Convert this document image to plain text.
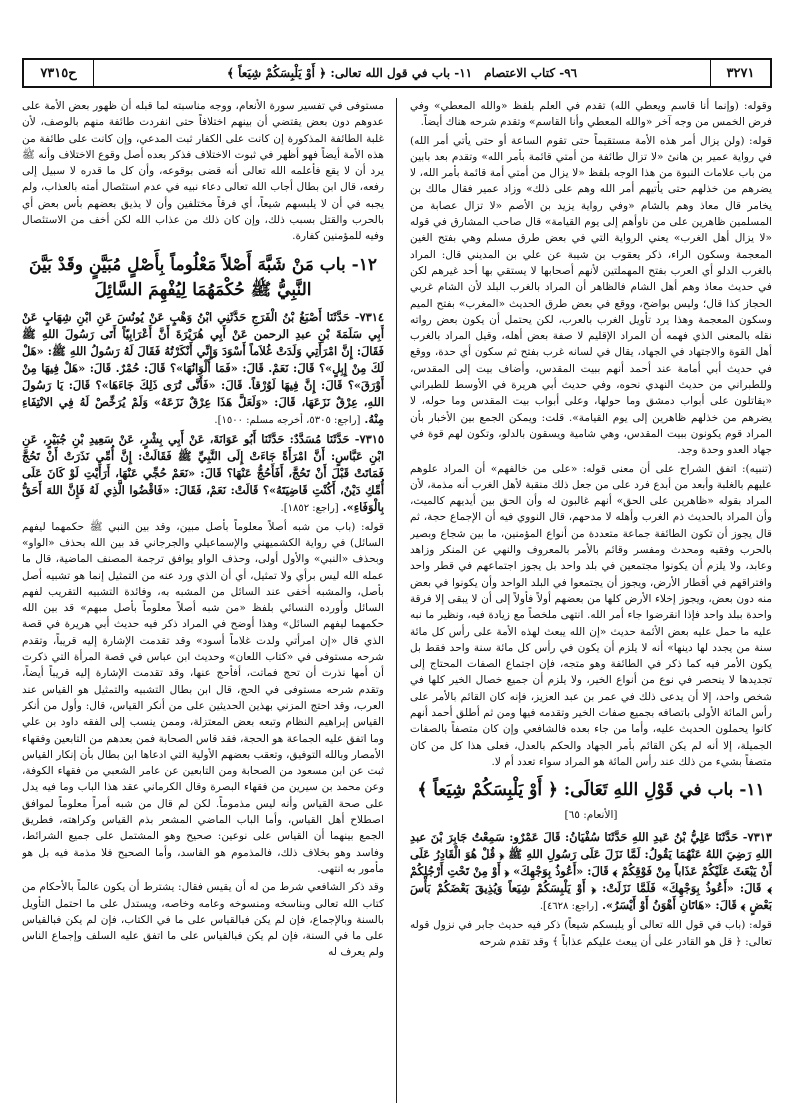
٣٢٧١
٩٦- كتاب الاعتصام
١١- باب في قول الله تعالى: ﴿ أَوْ يَلْبِسَكُمْ شِيَعاً ﴾
ح٧٣١٥

وقوله: (وإنما أنا قاسم ويعطي الله) تقدم في العلم بلفظ «والله المعطي» وفي فرض الخمس من وجه آخر «والله المعطي وأنا القاسم» وتقدم شرحه هناك أيضاً.

قوله: (ولن يزال أمر هذه الأمة مستقيماً حتى تقوم الساعة أو حتى يأتي أمر الله) في رواية عمير بن هانئ «لا تزال طائفة من أمتي قائمة بأمر الله» وتقدم بعد بابين من باب علامات النبوة من هذا الوجه بلفظ «لا يزال من أمتي أمة قائمة بأمر الله، لا يضرهم من خذلهم حتى يأتيهم أمر الله وهم على ذلك» وزاد عمير فقال مالك بن يخامر قال معاذ وهم بالشام «وفي رواية يزيد بن الأصم «لا تزال عصابة من المسلمين ظاهرين على من ناوأهم إلى يوم القيامة» قال صاحب المشارق في قوله «لا يزال أهل الغرب» يعني الرواية التي في بعض طرق مسلم وهي بفتح الغين المعجمة وسكون الراء، ذكر يعقوب بن شيبة عن علي بن المديني قال: المراد بالغرب الدلو أي العرب بفتح المهملتين لأنهم أصحابها لا يستقي بها أحد غيرهم لكن في حديث معاذ وهم أهل الشام فالظاهر أن المراد بالغرب البلد لأن الشام غربي الحجاز كذا قال؛ وليس بواضح، ووقع في بعض طرق الحديث «المغرب» بفتح الميم وسكون المعجمة وهذا يرد تأويل الغرب بالعرب، لكن يحتمل أن يكون بعض رواته نقله بالمعنى الذي فهمه أن المراد الإقليم لا صفة بعض أهله، وقيل المراد بالغرب أهل القوة والاجتهاد في الجهاد، يقال في لسانه غرب بفتح ثم سكون أي حدة، ووقع في حديث أبي أمامة عند أحمد أنهم ببيت المقدس، وأضاف بيت إلى المقدس، وللطبراني من حديث النهدي نحوه، وفي حديث أبي هريرة في الأوسط للطبراني «يقاتلون على أبواب دمشق وما حولها، وعلى أبواب بيت المقدس وما حوله، لا يضرهم من خذلهم ظاهرين إلى يوم القيامة». قلت: ويمكن الجمع بين الأخبار بأن المراد قوم يكونون ببيت المقدس، وهي شامية ويسقون بالدلو، وتكون لهم قوة في جهاد العدو وحدة وجد.

(تنبيه): اتفق الشراح على أن معنى قوله: «على من خالفهم» أن المراد علوهم عليهم بالغلبة وأبعد من أبدع فرد على من جعل ذلك منقبة لأهل الغرب أنه مذمة، لأن المراد بقوله «ظاهرين على الحق» أنهم غالبون له وأن الحق بين أيديهم كالميت، وأن المراد بالحديث ذم الغرب وأهله لا مدحهم، قال النووي فيه أن الإجماع حجة، ثم قال يجوز أن تكون الطائفة جماعة متعددة من أنواع المؤمنين، ما بين شجاع وبصير بالحرب وفقيه ومحدث ومفسر وقائم بالأمر بالمعروف والنهي عن المنكر وزاهد وعابد، ولا يلزم أن يكونوا مجتمعين في بلد واحد بل يجوز اجتماعهم في قطر واحد وافتراقهم في أقطار الأرض، ويجوز أن يجتمعوا في البلد الواحد وأن يكونوا في بعض منه دون بعض، ويجوز إخلاء الأرض كلها من بعضهم أولاً فأولاً إلى أن لا يبقى إلا فرقة واحدة ببلد واحد فإذا انقرضوا جاء أمر الله. انتهى ملخصاً مع زيادة فيه، ونظير ما نبه عليه ما حمل عليه بعض الأئمة حديث «إن الله يبعث لهذه الأمة على رأس كل مائة سنة من يجدد لها دينها» أنه لا يلزم أن يكون في رأس كل مائة سنة واحد فقط بل يكون الأمر فيه كما ذكر في الطائفة وهو متجه، فإن اجتماع الصفات المحتاج إلى تجديدها لا ينحصر في نوع من أنواع الخير، ولا يلزم أن جميع خصال الخير كلها في شخص واحد، إلا أن يدعى ذلك في عمر بن عبد العزيز، فإنه كان القائم بالأمر على رأس المائة الأولى باتصافه بجميع صفات الخير وتقدمه فيها ومن ثم أطلق أحمد أنهم كانوا يحملون الحديث عليه، وأما من جاء بعده فالشافعي وإن كان متصفاً بالصفات الجميلة، إلا أنه لم يكن القائم بأمر الجهاد والحكم بالعدل، فعلى هذا كل من كان متصفاً بشيء من ذلك عند رأس المائة هو المراد سواء تعدد أم لا.

١١- باب في قَوْلِ اللهِ تَعَالَى: ﴿ أَوْ يَلْبِسَكُمْ شِيَعاً ﴾

[الأنعام: ٦٥]

٧٣١٣- حَدَّثَنَا عَلِيُّ بْنُ عَبدِ اللهِ حَدَّثَنَا سُفْيَانُ: قَالَ عَمْرٌو: سَمِعْتُ جَابِرَ بْنَ عبدِ اللهِ رَضِيَ اللهُ عَنْهُمَا يَقُولُ: لَمَّا نَزَلَ عَلَى رَسُولِ اللهِ ﷺ ﴿ قُلْ هُوَ الْقَادِرُ عَلَى أَنْ يَبْعَثَ عَلَيْكُمْ عَذَاباً مِنْ فَوْقِكُمْ ﴾ قَالَ: «أَعُوذُ بِوَجْهِكَ» ﴿ أَوْ مِنْ تَحْتِ أَرْجُلِكُمْ ﴾ قَالَ: «أَعُوذُ بِوَجْهِكَ» فَلَمَّا نَزَلَتْ: ﴿ أَوْ يَلْبِسَكُمْ شِيَعاً وَيُذِيقَ بَعْضَكُمْ بَأْسَ بَعْضٍ ﴾ قَالَ: «هَاتَانِ أَهْوَنُ أَوْ أَيْسَرُ». [راجع: ٤٦٢٨].

قوله: (باب في قول الله تعالى أو يلبسكم شيعاً) ذكر فيه حديث جابر في نزول قوله تعالى: ﴿ قل هو القادر على أن يبعث عليكم عذاباً ﴾ وقد تقدم شرحه

مستوفى في تفسير سورة الأنعام، ووجه مناسبته لما قبله أن ظهور بعض الأمة على عدوهم دون بعض يقتضي أن بينهم اختلافاً حتى انفردت طائفة منهم بالوصف، لأن غلبة الطائفة المذكورة إن كانت على الكفار ثبت المدعي، وإن كانت على طائفة من هذه الأمة أيضاً فهو أظهر في ثبوت الاختلاف فذكر بعده أصل وقوع الاختلاف وأنه ﷺ يرد أن لا يقع فأعلمه الله تعالى أنه قضى بوقوعه، وأن كل ما قدره لا سبيل إلى رفعه، قال ابن بطال أجاب الله تعالى دعاء نبيه في عدم استئصال أمته بالعذاب، ولم يجبه في أن لا يلبسهم شيعاً، أي فرقاً مختلفين وأن لا يذيق بعضهم بأس بعض أي بالحرب والقتل بسبب ذلك، وإن كان ذلك من عذاب الله لكن أخف من الاستئصال وفيه للمؤمنين كفارة.

١٢- باب مَنْ شَبَّهَ أَصْلاً مَعْلُوماً بِأَصْلٍ مُبَيَّنٍ وقَدْ بَيَّنَ النَّبِيُّ ﷺ حُكْمَهُمَا لِيُفْهِمَ السَّائِلَ

٧٣١٤- حَدَّثَنَا أَصْبَغُ بْنُ الْفَرَجِ حَدَّثَنِي ابْنُ وَهْبٍ عَنْ يُونُسَ عَنِ ابْنِ شِهَابٍ عَنْ أَبِي سَلَمَةَ بْنِ عبدِ الرحمن عَنْ أَبِي هُرَيْرَةَ أَنَّ أَعْرَابِيّاً أَتَى رَسُولَ اللهِ ﷺ فَقَالَ: إِنَّ امْرَأَتِي وَلَدَتْ غُلاَماً أَسْوَدَ وَإِنِّي أَنْكَرْتُهُ فَقَالَ لَهُ رَسُولُ اللهِ ﷺ: «هَلْ لَكَ مِنْ إِبِلٍ»؟ قَالَ: نَعَمْ. قَالَ: «فَمَا أَلْوَانُهَا»؟ قَالَ: حُمْرٌ. قَالَ: «هَلْ فِيهَا مِنْ أَوْرَقَ»؟ قَالَ: إِنَّ فِيهَا لَوُرْقاً. قَالَ: «فَأَنَّى تُرَى ذَلِكَ جَاءَهَا»؟ قَالَ: يَا رَسُولَ اللهِ، عِرْقٌ نَزَعَهَا، قَالَ: «وَلَعَلَّ هَذَا عِرْقٌ نَزَعَهُ» وَلَمْ يُرَخِّصْ لَهُ فِي الانْتِفَاءِ مِنْهُ. [راجع: ٥٣٠٥، أخرجه مسلم: ١٥٠٠].

٧٣١٥- حَدَّثَنَا مُسَدَّدٌ: حَدَّثَنَا أَبُو عَوَانَةَ، عَنْ أَبِي بِشْرٍ، عَنْ سَعِيدِ بْنِ جُبَيْرٍ، عَنِ ابْنِ عَبَّاسٍ: أَنَّ امْرَأَةً جَاءَتْ إِلَى النَّبِيِّ ﷺ فَقَالَتْ: إِنَّ أُمِّي نَذَرَتْ أَنْ تَحُجَّ فَمَاتَتْ قَبْلَ أَنْ تَحُجَّ، أَفَأَحُجُّ عَنْهَا؟ قَالَ: «نَعَمْ حُجِّي عَنْهَا، أَرَأَيْتِ لَوْ كَانَ عَلَى أُمِّكِ دَيْنٌ، أَكُنْتِ قَاضِيَتَهُ»؟ قَالَتْ: نَعَمْ، فَقَالَ: «فَاقْضُوا الَّذِي لَهُ فَإِنَّ اللهَ أَحَقُّ بِالْوَفَاءِ». [راجع: ١٨٥٢].

قوله: (باب من شبه أصلاً معلوماً بأصل مبين، وقد بين النبي ﷺ حكمهما ليفهم السائل) في رواية الكشميهني والإسماعيلي والجرجاني قد بين الله بحذف «الواو» وبحذف «النبي» والأول أولى، وحذف الواو يوافق ترجمة المصنف الماضية، قال ما عمله الله ليس برأي ولا تمثيل، أي أن الذي ورد عنه من التمثيل إنما هو تشبيه أصل بأصل، والمشبه أخفى عند السائل من المشبه به، وفائدة التشبيه التقريب لفهم السائل وأورده النسائي بلفظ «من شبه أصلاً معلوماً بأصل مبهم» قد بين الله حكمهما ليفهم السائل» وهذا أوضح في المراد ذكر فيه حديث أبي هريرة في قصة الذي قال «إن امرأتي ولدت غلاماً أسود» وقد تقدمت الإشارة إليه قريباً، وتقدم شرحه مستوفى في «كتاب اللعان» وحديث ابن عباس في قصة المرأة التي ذكرت أن أمها نذرت أن تحج فماتت، أفأحج عنها، وقد تقدمت الإشارة إليه قريباً أيضاً، وتقدم شرحه مستوفى في الحج، قال ابن بطال التشبيه والتمثيل هو القياس عند العرب، وقد احتج المزني بهذين الحديثين على من أنكر القياس، قال: وأول من أنكر القياس إبراهيم النظام وتبعه بعض المعتزلة، وممن ينسب إلى الفقه داود بن علي وما اتفق عليه الجماعة هو الحجة، فقد قاس الصحابة فمن بعدهم من التابعين وفقهاء الأمصار وبالله التوفيق، وتعقب بعضهم الأولية التي ادعاها ابن بطال بأن إنكار القياس ثبت عن ابن مسعود من الصحابة ومن التابعين عن عامر الشعبي من فقهاء الكوفة، وعن محمد بن سيرين من فقهاء البصرة وقال الكرماني عقد هذا الباب وما فيه يدل على صحة القياس وأنه ليس مذموماً. لكن لم قال من شبه أمراً معلوماً لموافق اصطلاح أهل القياس، وأما الباب الماضي المشعر بذم القياس وكراهته، فطريق الجمع بينهما أن القياس على نوعين: صحيح وهو المشتمل على جميع الشرائط، وفاسد وهو بخلاف ذلك، فالمذموم هو الفاسد، وأما الصحيح فلا مذمة فيه بل هو مأمور به انتهى.

وقد ذكر الشافعي شرط من له أن يقيس فقال: يشترط أن يكون عالماً بالأحكام من كتاب الله تعالى وبناسخه ومنسوخه وعامه وخاصه، ويستدل على ما احتمل التأويل بالسنة وبالإجماع، فإن لم يكن فبالقياس على ما في الكتاب، فإن لم يكن فبالقياس على ما في السنة، فإن لم يكن فبالقياس على ما اتفق عليه السلف وإجماع الناس ولم يعرف له
